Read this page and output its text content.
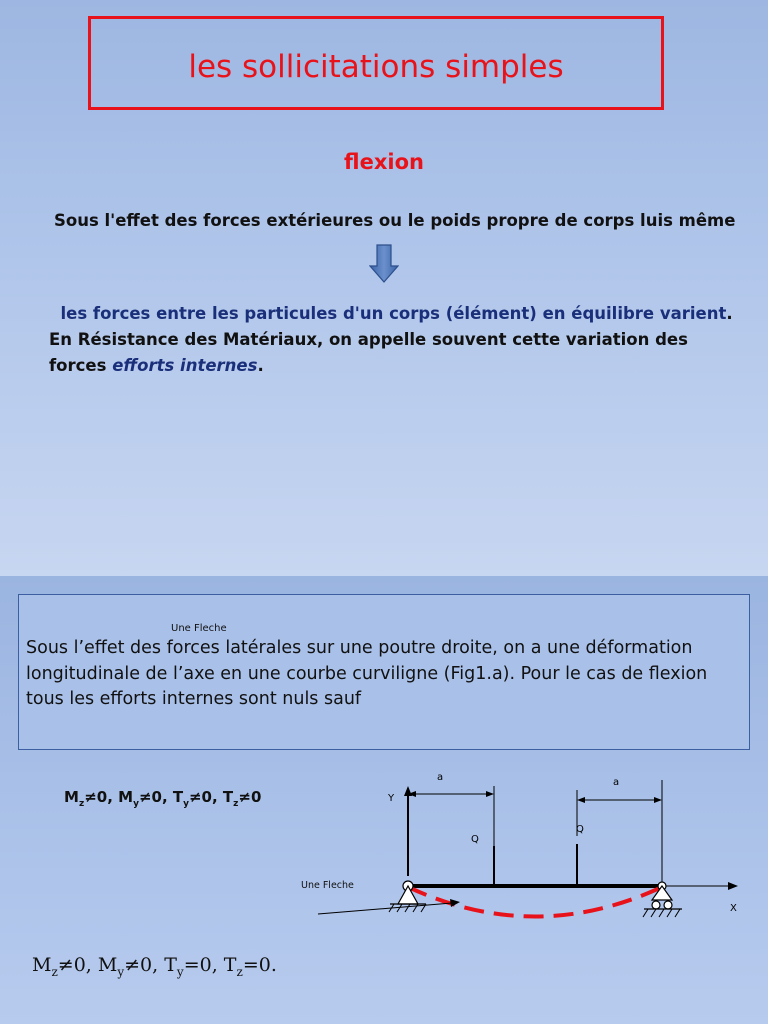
les sollicitations simples
flexion
Sous l'effet des forces extérieures ou le poids propre de corps luis même
les forces entre les particules d'un corps (élément) en équilibre varient. En Résistance des Matériaux, on appelle souvent cette variation des forces efforts internes.
Une Fleche
Sous l’effet des forces latérales sur une poutre droite, on a une déformation longitudinale de l’axe en une courbe curviligne (Fig1.a). Pour le cas de flexion tous les efforts internes sont nuls sauf
$M_z\ne 0$, $M_y\ne 0$, $T_y\ne 0$, $T_z\ne 0$	Y
X
a	a
Q
Q
Une Fleche
$M_z\ne 0$, $M_y\ne 0$, $T_y=0$, $T_z=0$.
